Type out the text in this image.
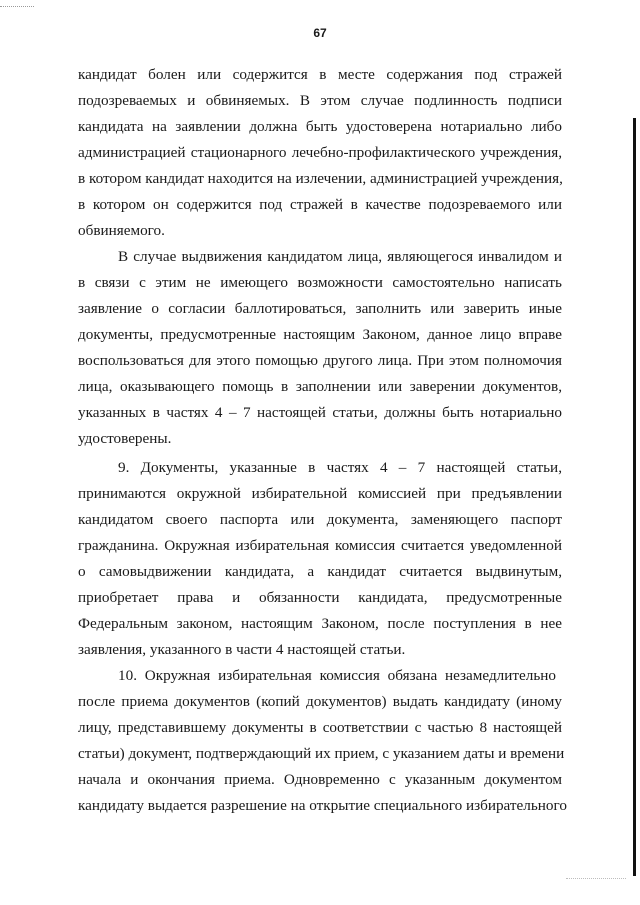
67
кандидат болен или содержится в месте содержания под стражей
подозреваемых и обвиняемых. В этом случае подлинность подписи
кандидата на заявлении должна быть удостоверена нотариально либо
администрацией стационарного лечебно-профилактического учреждения,
в котором кандидат находится на излечении, администрацией учреждения,
в котором он содержится под стражей в качестве подозреваемого или
обвиняемого.
В случае выдвижения кандидатом лица, являющегося инвалидом и
в связи с этим не имеющего возможности самостоятельно написать
заявление о согласии баллотироваться, заполнить или заверить иные
документы, предусмотренные настоящим Законом, данное лицо вправе
воспользоваться для этого помощью другого лица. При этом полномочия
лица, оказывающего помощь в заполнении или заверении документов,
указанных в частях 4 – 7 настоящей статьи, должны быть нотариально
удостоверены.
9. Документы, указанные в частях 4 – 7 настоящей статьи,
принимаются окружной избирательной комиссией при предъявлении
кандидатом своего паспорта или документа, заменяющего паспорт
гражданина. Окружная избирательная комиссия считается уведомленной
о самовыдвижении кандидата, а кандидат считается выдвинутым,
приобретает права и обязанности кандидата, предусмотренные
Федеральным законом, настоящим Законом, после поступления в нее
заявления, указанного в части 4 настоящей статьи.
10. Окружная избирательная комиссия обязана незамедлительно
после приема документов (копий документов) выдать кандидату (иному
лицу, представившему документы в соответствии с частью 8 настоящей
статьи) документ, подтверждающий их прием, с указанием даты и времени
начала и окончания приема. Одновременно с указанным документом
кандидату выдается разрешение на открытие специального избирательного
